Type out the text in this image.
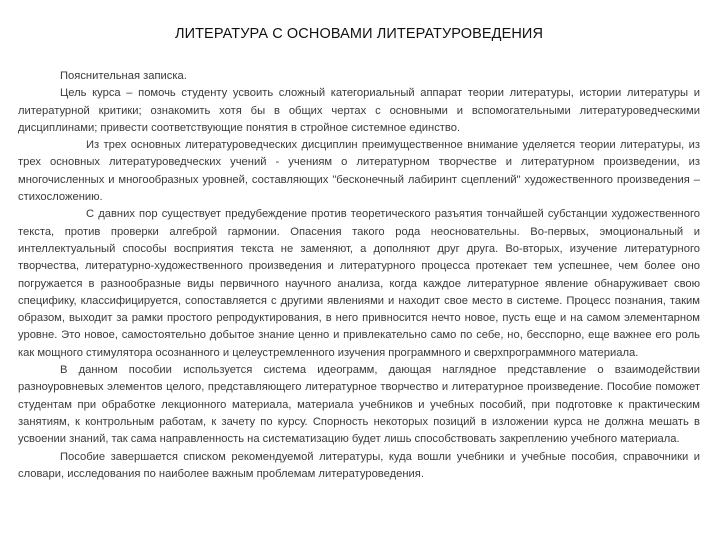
ЛИТЕРАТУРА С ОСНОВАМИ ЛИТЕРАТУРОВЕДЕНИЯ

Пояснительная записка.

Цель курса – помочь студенту усвоить сложный категориальный аппарат теории литературы, истории литературы и литературной критики; ознакомить хотя бы в общих чертах с основными и вспомогательными литературоведческими дисциплинами; привести соответствующие понятия в стройное системное единство.

Из трех основных литературоведческих дисциплин преимущественное внимание уделяется теории литературы, из трех основных литературоведческих учений - учениям о литературном творчестве и литературном произведении, из многочисленных и многообразных уровней, составляющих "бесконечный лабиринт сцеплений" художественного произведения – стихосложению.

С давних пор существует предубеждение против теоретического разъятия тончайшей субстанции художественного текста, против проверки алгеброй гармонии. Опасения такого рода неосновательны. Во-первых, эмоциональный и интеллектуальный способы восприятия текста не заменяют, а дополняют друг друга. Во-вторых, изучение литературного творчества, литературно-художественного произведения и литературного процесса протекает тем успешнее, чем более оно погружается в разнообразные виды первичного научного анализа, когда каждое литературное явление обнаруживает свою специфику, классифицируется, сопоставляется с другими явлениями и находит свое место в системе. Процесс познания, таким образом, выходит за рамки простого репродуктирования, в него привносится нечто новое, пусть еще и на самом элементарном уровне. Это новое, самостоятельно добытое знание ценно и привлекательно само по себе, но, бесспорно, еще важнее его роль как мощного стимулятора осознанного и целеустремленного изучения программного и сверхпрограммного материала.

В данном пособии используется система идеограмм, дающая наглядное представление о взаимодействии разноуровневых элементов целого, представляющего литературное творчество и литературное произведение. Пособие поможет студентам при обработке лекционного материала, материала учебников и учебных пособий, при подготовке к практическим занятиям, к контрольным работам, к зачету по курсу. Спорность некоторых позиций в изложении курса не должна мешать в усвоении знаний, так сама направленность на систематизацию будет лишь способствовать закреплению учебного материала.

Пособие завершается списком рекомендуемой литературы, куда вошли учебники и учебные пособия, справочники и словари, исследования по наиболее важным проблемам литературоведения.
